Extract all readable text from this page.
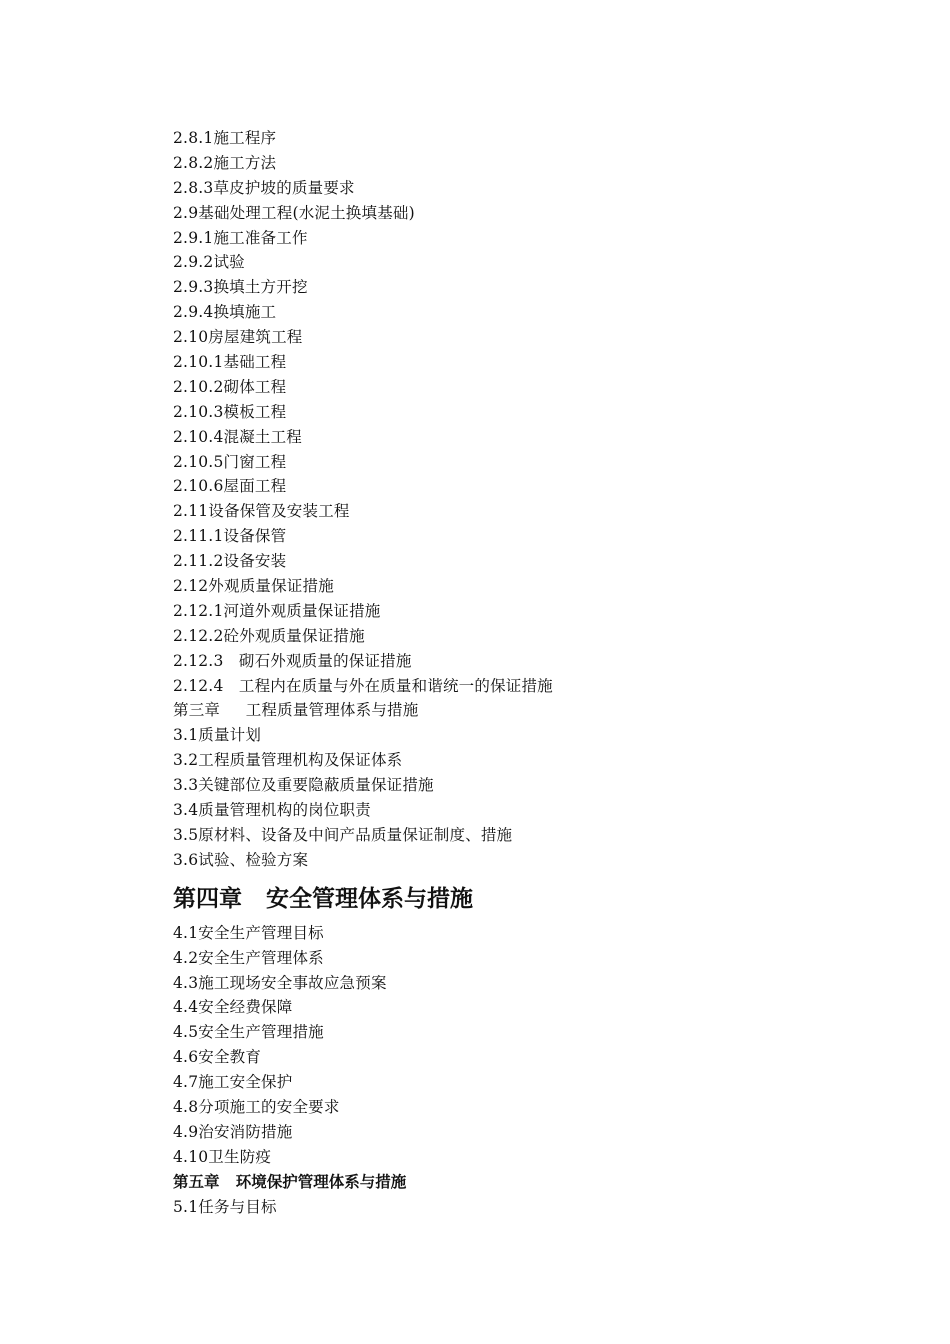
2.8.1施工程序
2.8.2施工方法
2.8.3草皮护坡的质量要求
2.9基础处理工程(水泥土换填基础)
2.9.1施工准备工作
2.9.2试验
2.9.3换填土方开挖
2.9.4换填施工
2.10房屋建筑工程
2.10.1基础工程
2.10.2砌体工程
2.10.3模板工程
2.10.4混凝土工程
2.10.5门窗工程
2.10.6屋面工程
2.11设备保管及安装工程
2.11.1设备保管
2.11.2设备安装
2.12外观质量保证措施
2.12.1河道外观质量保证措施
2.12.2砼外观质量保证措施
2.12.3   砌石外观质量的保证措施
2.12.4   工程内在质量与外在质量和谐统一的保证措施
第三章     工程质量管理体系与措施
3.1质量计划
3.2工程质量管理机构及保证体系
3.3关键部位及重要隐蔽质量保证措施
3.4质量管理机构的岗位职责
3.5原材料、设备及中间产品质量保证制度、措施
3.6试验、检验方案
第四章   安全管理体系与措施
4.1安全生产管理目标
4.2安全生产管理体系
4.3施工现场安全事故应急预案
4.4安全经费保障
4.5安全生产管理措施
4.6安全教育
4.7施工安全保护
4.8分项施工的安全要求
4.9治安消防措施
4.10卫生防疫
第五章   环境保护管理体系与措施
5.1任务与目标
